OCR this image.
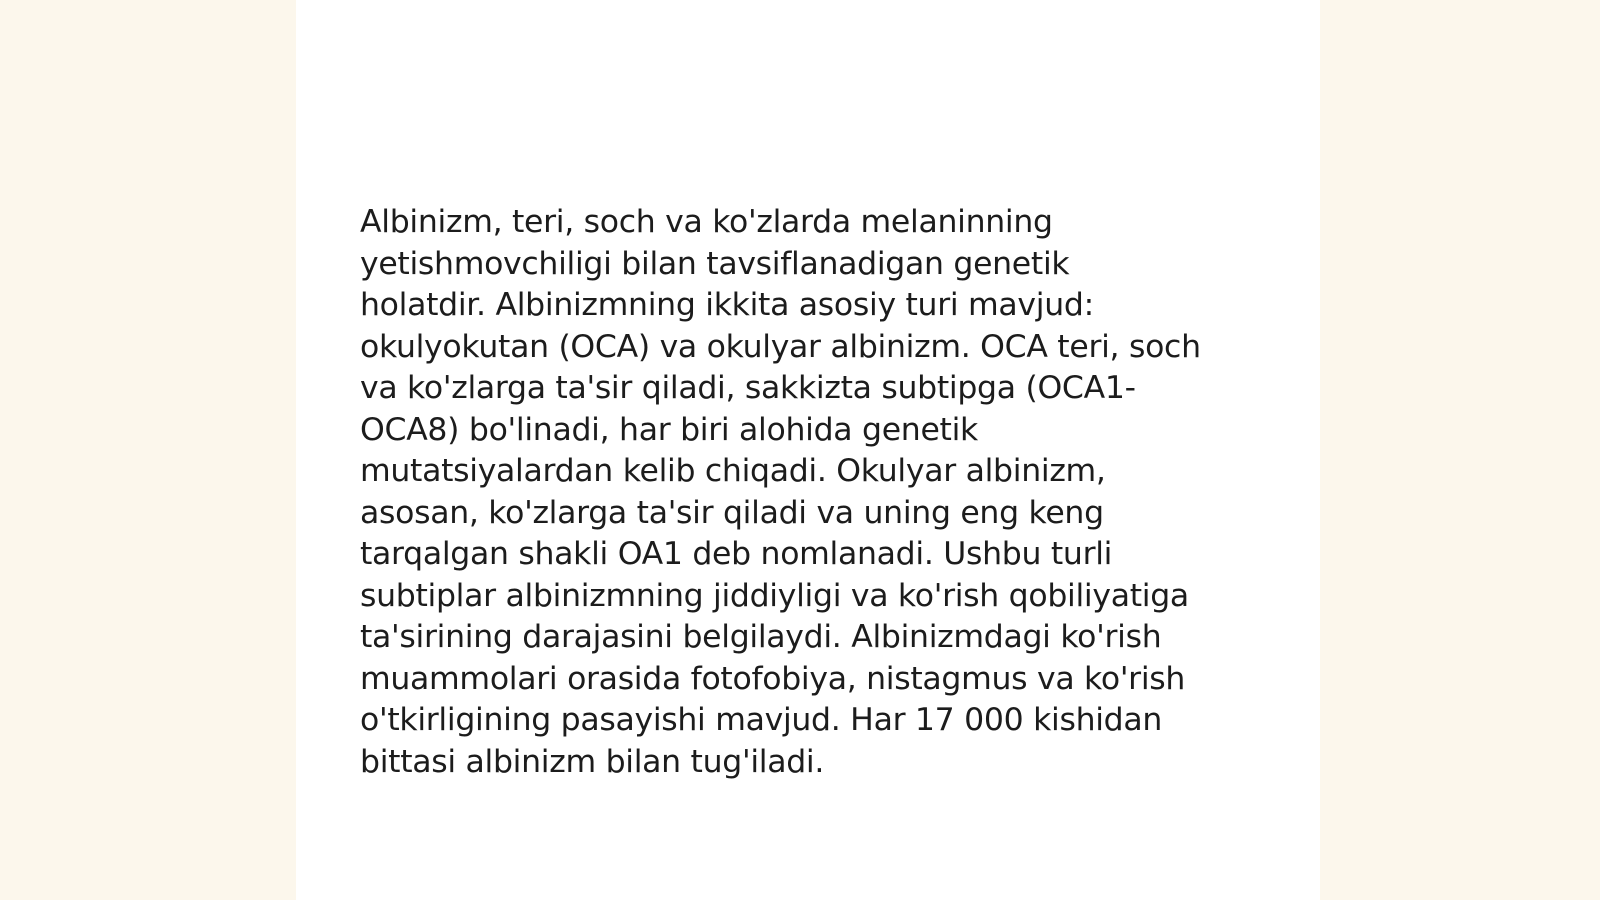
Albinizm, teri, soch va ko'zlarda melaninning
yetishmovchiligi bilan tavsiflanadigan genetik
holatdir. Albinizmning ikkita asosiy turi mavjud:
okulyokutan (OCA) va okulyar albinizm. OCA teri, soch
va ko'zlarga ta'sir qiladi, sakkizta subtipga (OCA1-
OCA8) bo'linadi, har biri alohida genetik
mutatsiyalardan kelib chiqadi. Okulyar albinizm,
asosan, ko'zlarga ta'sir qiladi va uning eng keng
tarqalgan shakli OA1 deb nomlanadi. Ushbu turli
subtiplar albinizmning jiddiyligi va ko'rish qobiliyatiga
ta'sirining darajasini belgilaydi. Albinizmdagi ko'rish
muammolari orasida fotofobiya, nistagmus va ko'rish
o'tkirligining pasayishi mavjud. Har 17 000 kishidan
bittasi albinizm bilan tug'iladi.
